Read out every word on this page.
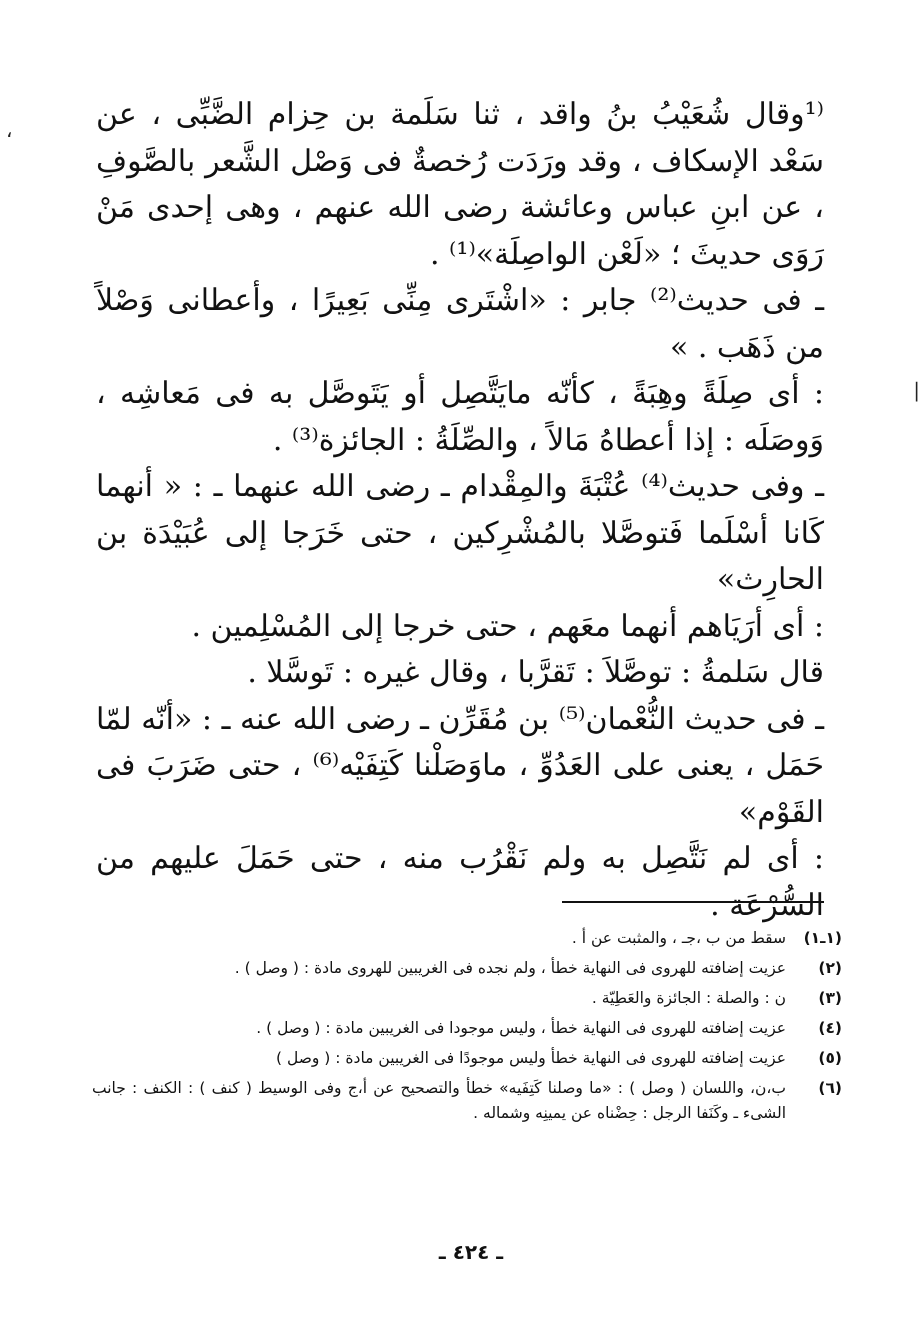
،
|

⁽¹وقال شُعَيْبُ بنُ واقد ، ثنا سَلَمة بن حِزام الضَّبِّى ، عن سَعْد الإسكاف ، وقد ورَدَت رُخصةٌ فى وَصْل الشَّعر بالصَّوفِ ، عن ابنِ عباس وعائشة رضى الله عنهم ، وهى إحدى مَنْ رَوَى حديثَ ؛ «لَعْن الواصِلَة»⁽¹⁾ .

ـ فى حديث⁽²⁾ جابر : «اشْتَرى مِنِّى بَعِيرًا ، وأعطانى وَصْلاً من ذَهَب . »

: أى صِلَةً وهِبَةً ، كأنّه مايَتَّصِل أو يَتَوصَّل به فى مَعاشِه ، وَوصَلَه : إذا أعطاهُ مَالاً ، والصِّلَةُ : الجائزة⁽³⁾ .

ـ وفى حديث⁽⁴⁾ عُتْبَةَ والمِقْدام ـ رضى الله عنهما ـ : « أنهما كَانا أسْلَما فَتوصَّلا بالمُشْرِكين ، حتى خَرَجا إلى عُبَيْدَة بن الحارِث»

: أى أرَيَاهم أنهما معَهم ، حتى خرجا إلى المُسْلِمين .

قال سَلمةُ : توصَّلاَ : تَقرَّبا ، وقال غيره : تَوسَّلا .

ـ فى حديث النُّعْمان⁽⁵⁾ بن مُقَرِّن ـ رضى الله عنه ـ : «أنّه لمّا حَمَل ، يعنى على العَدُوِّ ، ماوَصَلْنا كَتِفَيْه⁽⁶⁾ ، حتى ضَرَبَ فى القَوْم»

: أى لم نَتَّصِل به ولم نَقْرُب منه ، حتى حَمَلَ عليهم من السُّرْعَة .

(١ـ١)
سقط من ب ،جـ ، والمثبت عن أ .
(٢)
عزيت إضافته للهروى فى النهاية خطأ ، ولم نجده فى الغريبين للهروى مادة : ( وصل ) .
(٣)
ن : والصلة : الجائزة والعَطِيّة .
(٤)
عزيت إضافته للهروى فى النهاية خطأ ، وليس موجودا فى الغريبين مادة : ( وصل ) .
(٥)
عزيت إضافته للهروى فى النهاية خطأ وليس موجودًا فى الغريبين مادة : ( وصل )
(٦)
ب،ن، واللسان ( وصل ) : «ما وصلنا كَتِفَيه» خطأ والتصحيح عن أ،ج وفى الوسيط ( كنف ) : الكنف : جانب الشىء ـ وكَنَفا الرجل : حِضْناه عن يمينِه وشماله .
ـ ٤٢٤ ـ
